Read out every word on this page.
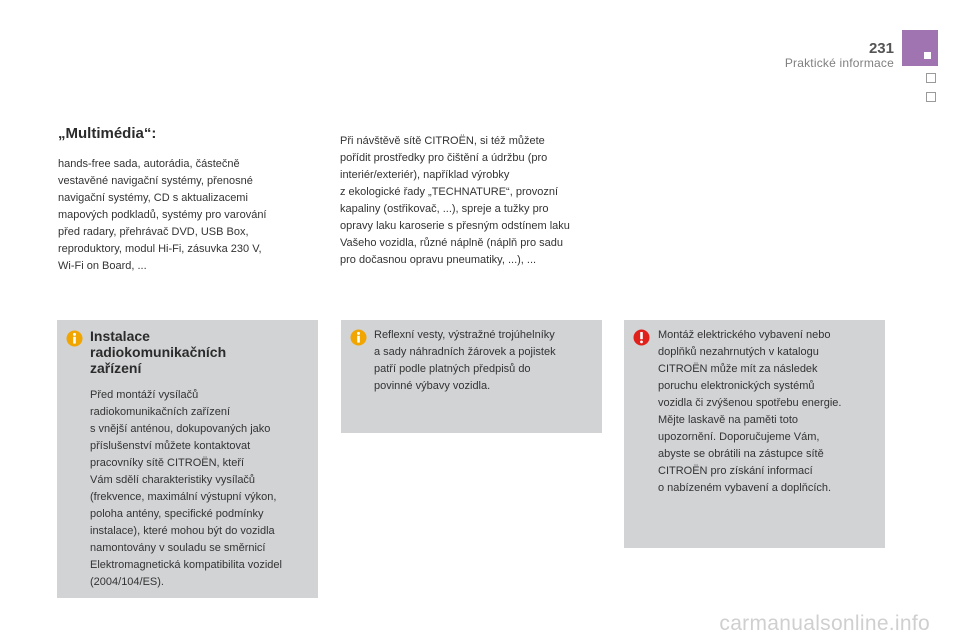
231
Praktické informace
„Multimédia“:

hands-free sada, autorádia, částečně
vestavěné navigační systémy, přenosné
navigační systémy, CD s aktualizacemi
mapových podkladů, systémy pro varování
před radary, přehrávač DVD, USB Box,
reproduktory, modul Hi-Fi, zásuvka 230 V,
Wi-Fi on Board, ...

Při návštěvě sítě CITROËN, si též můžete
pořídit prostředky pro čištění a údržbu (pro
interiér/exteriér), například výrobky
z ekologické řady „TECHNATURE“, provozní
kapaliny (ostřikovač, ...), spreje a tužky pro
opravy laku karoserie s přesným odstínem laku
Vašeho vozidla, různé náplně (náplň pro sadu
pro dočasnou opravu pneumatiky, ...), ...

Instalace radiokomunikačních zařízení

Před montáží vysílačů
radiokomunikačních zařízení
s vnější anténou, dokupovaných jako
příslušenství můžete kontaktovat
pracovníky sítě CITROËN, kteří
Vám sdělí charakteristiky vysílačů
(frekvence, maximální výstupní výkon,
poloha antény, specifické podmínky
instalace), které mohou být do vozidla
namontovány v souladu se směrnicí
Elektromagnetická kompatibilita vozidel
(2004/104/ES).

Reflexní vesty, výstražné trojúhelníky
a sady náhradních žárovek a pojistek
patří podle platných předpisů do
povinné výbavy vozidla.

Montáž elektrického vybavení nebo
doplňků nezahrnutých v katalogu
CITROËN může mít za následek
poruchu elektronických systémů
vozidla či zvýšenou spotřebu energie.
Mějte laskavě na paměti toto
upozornění. Doporučujeme Vám,
abyste se obrátili na zástupce sítě
CITROËN pro získání informací
o nabízeném vybavení a doplňcích.

carmanualsonline.info
